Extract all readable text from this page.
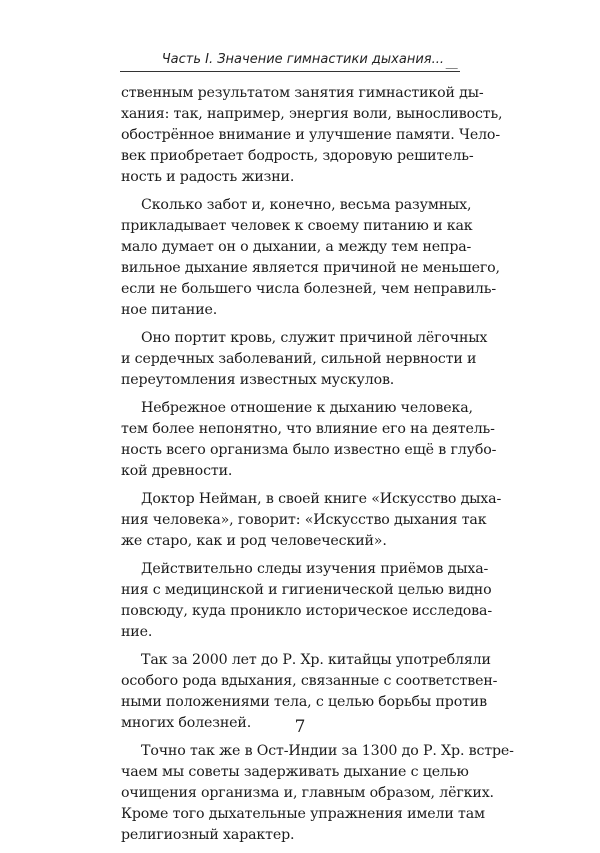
Часть I. Значение гимнастики дыхания...

ственным результатом занятия гимнастикой ды-
хания: так, например, энергия воли, выносливость,
обострённое внимание и улучшение памяти. Чело-
век приобретает бодрость, здоровую решитель-
ность и радость жизни.

Сколько забот и, конечно, весьма разумных,
прикладывает человек к своему питанию и как
мало думает он о дыхании, а между тем непра-
вильное дыхание является причиной не меньшего,
если не большего числа болезней, чем неправиль-
ное питание.

Оно портит кровь, служит причиной лёгочных
и сердечных заболеваний, сильной нервности и
переутомления известных мускулов.

Небрежное отношение к дыханию человека,
тем более непонятно, что влияние его на деятель-
ность всего организма было известно ещё в глубо-
кой древности.

Доктор Нейман, в своей книге «Искусство дыха-
ния человека», говорит: «Искусство дыхания так
же старо, как и род человеческий».

Действительно следы изучения приёмов дыха-
ния с медицинской и гигиенической целью видно
повсюду, куда проникло историческое исследова-
ние.

Так за 2000 лет до Р. Хр. китайцы употребляли
особого рода вдыхания, связанные с соответствен-
ными положениями тела, с целью борьбы против
многих болезней.

Точно так же в Ост-Индии за 1300 до Р. Хр. встре-
чаем мы советы задерживать дыхание с целью
очищения организма и, главным образом, лёгких.
Кроме того дыхательные упражнения имели там
религиозный характер.

7
